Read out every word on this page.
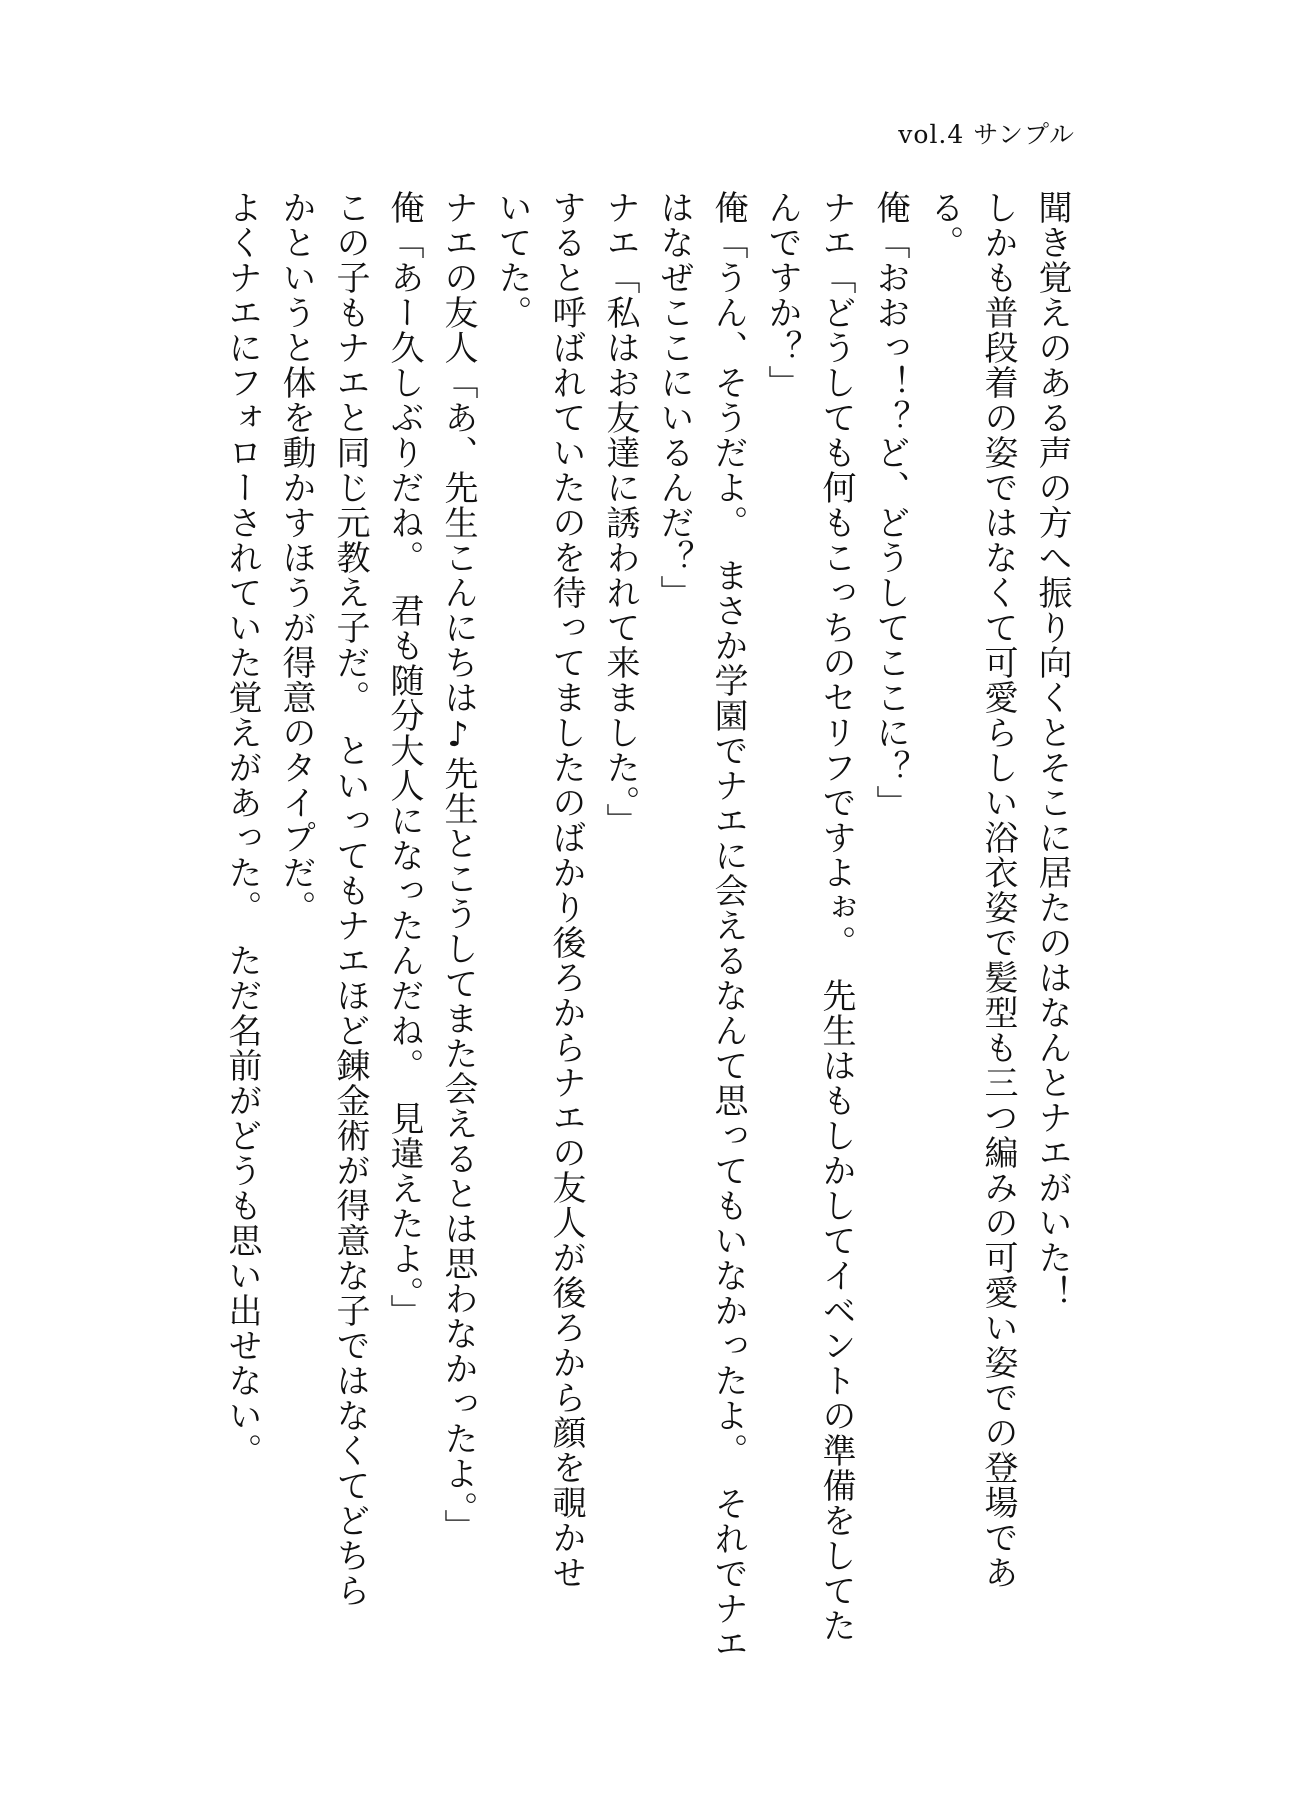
vol.4 サンプル
聞き覚えのある声の方へ振り向くとそこに居たのはなんとナエがいた！
しかも普段着の姿ではなくて可愛らしい浴衣姿で髪型も三つ編みの可愛い姿での登場であ
る。
俺「おおっ！？ど、どうしてここに？」
ナエ「どうしても何もこっちのセリフですよぉ。　先生はもしかしてイベントの準備をしてた
んですか？」
俺「うん、そうだよ。　まさか学園でナエに会えるなんて思ってもいなかったよ。　それでナエ
はなぜここにいるんだ？」
ナエ「私はお友達に誘われて来ました。」
すると呼ばれていたのを待ってましたのばかり後ろからナエの友人が後ろから顔を覗かせ
いてた。
ナエの友人「あ、先生こんにちは♪先生とこうしてまた会えるとは思わなかったよ。」
俺「あー久しぶりだね。　君も随分大人になったんだね。　見違えたよ。」
この子もナエと同じ元教え子だ。　といってもナエほど錬金術が得意な子ではなくてどちら
かというと体を動かすほうが得意のタイプだ。
よくナエにフォローされていた覚えがあった。　ただ名前がどうも思い出せない。
